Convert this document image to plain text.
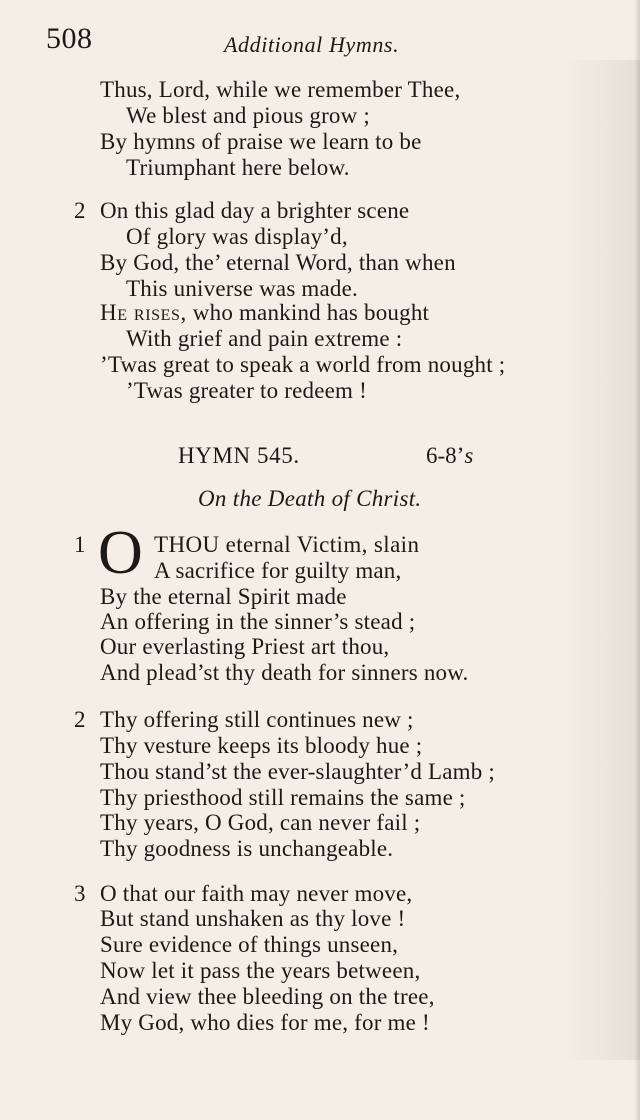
508	Additional Hymns.
Thus, Lord, while we remember Thee,
We blest and pious grow ;
By hymns of praise we learn to be
Triumphant here below.
2 On this glad day a brighter scene
Of glory was display’d,
By God, the’ eternal Word, than when
This universe was made.
He rises, who mankind has bought
With grief and pain extreme :
’Twas great to speak a world from nought ;
’Twas greater to redeem !
HYMN 545.	6-8’s
On the Death of Christ.
1 O THOU eternal Victim, slain
A sacrifice for guilty man,
By the eternal Spirit made
An offering in the sinner’s stead ;
Our everlasting Priest art thou,
And plead’st thy death for sinners now.
2 Thy offering still continues new ;
Thy vesture keeps its bloody hue ;
Thou stand’st the ever-slaughter’d Lamb ;
Thy priesthood still remains the same ;
Thy years, O God, can never fail ;
Thy goodness is unchangeable.
3 O that our faith may never move,
But stand unshaken as thy love !
Sure evidence of things unseen,
Now let it pass the years between,
And view thee bleeding on the tree,
My God, who dies for me, for me !
